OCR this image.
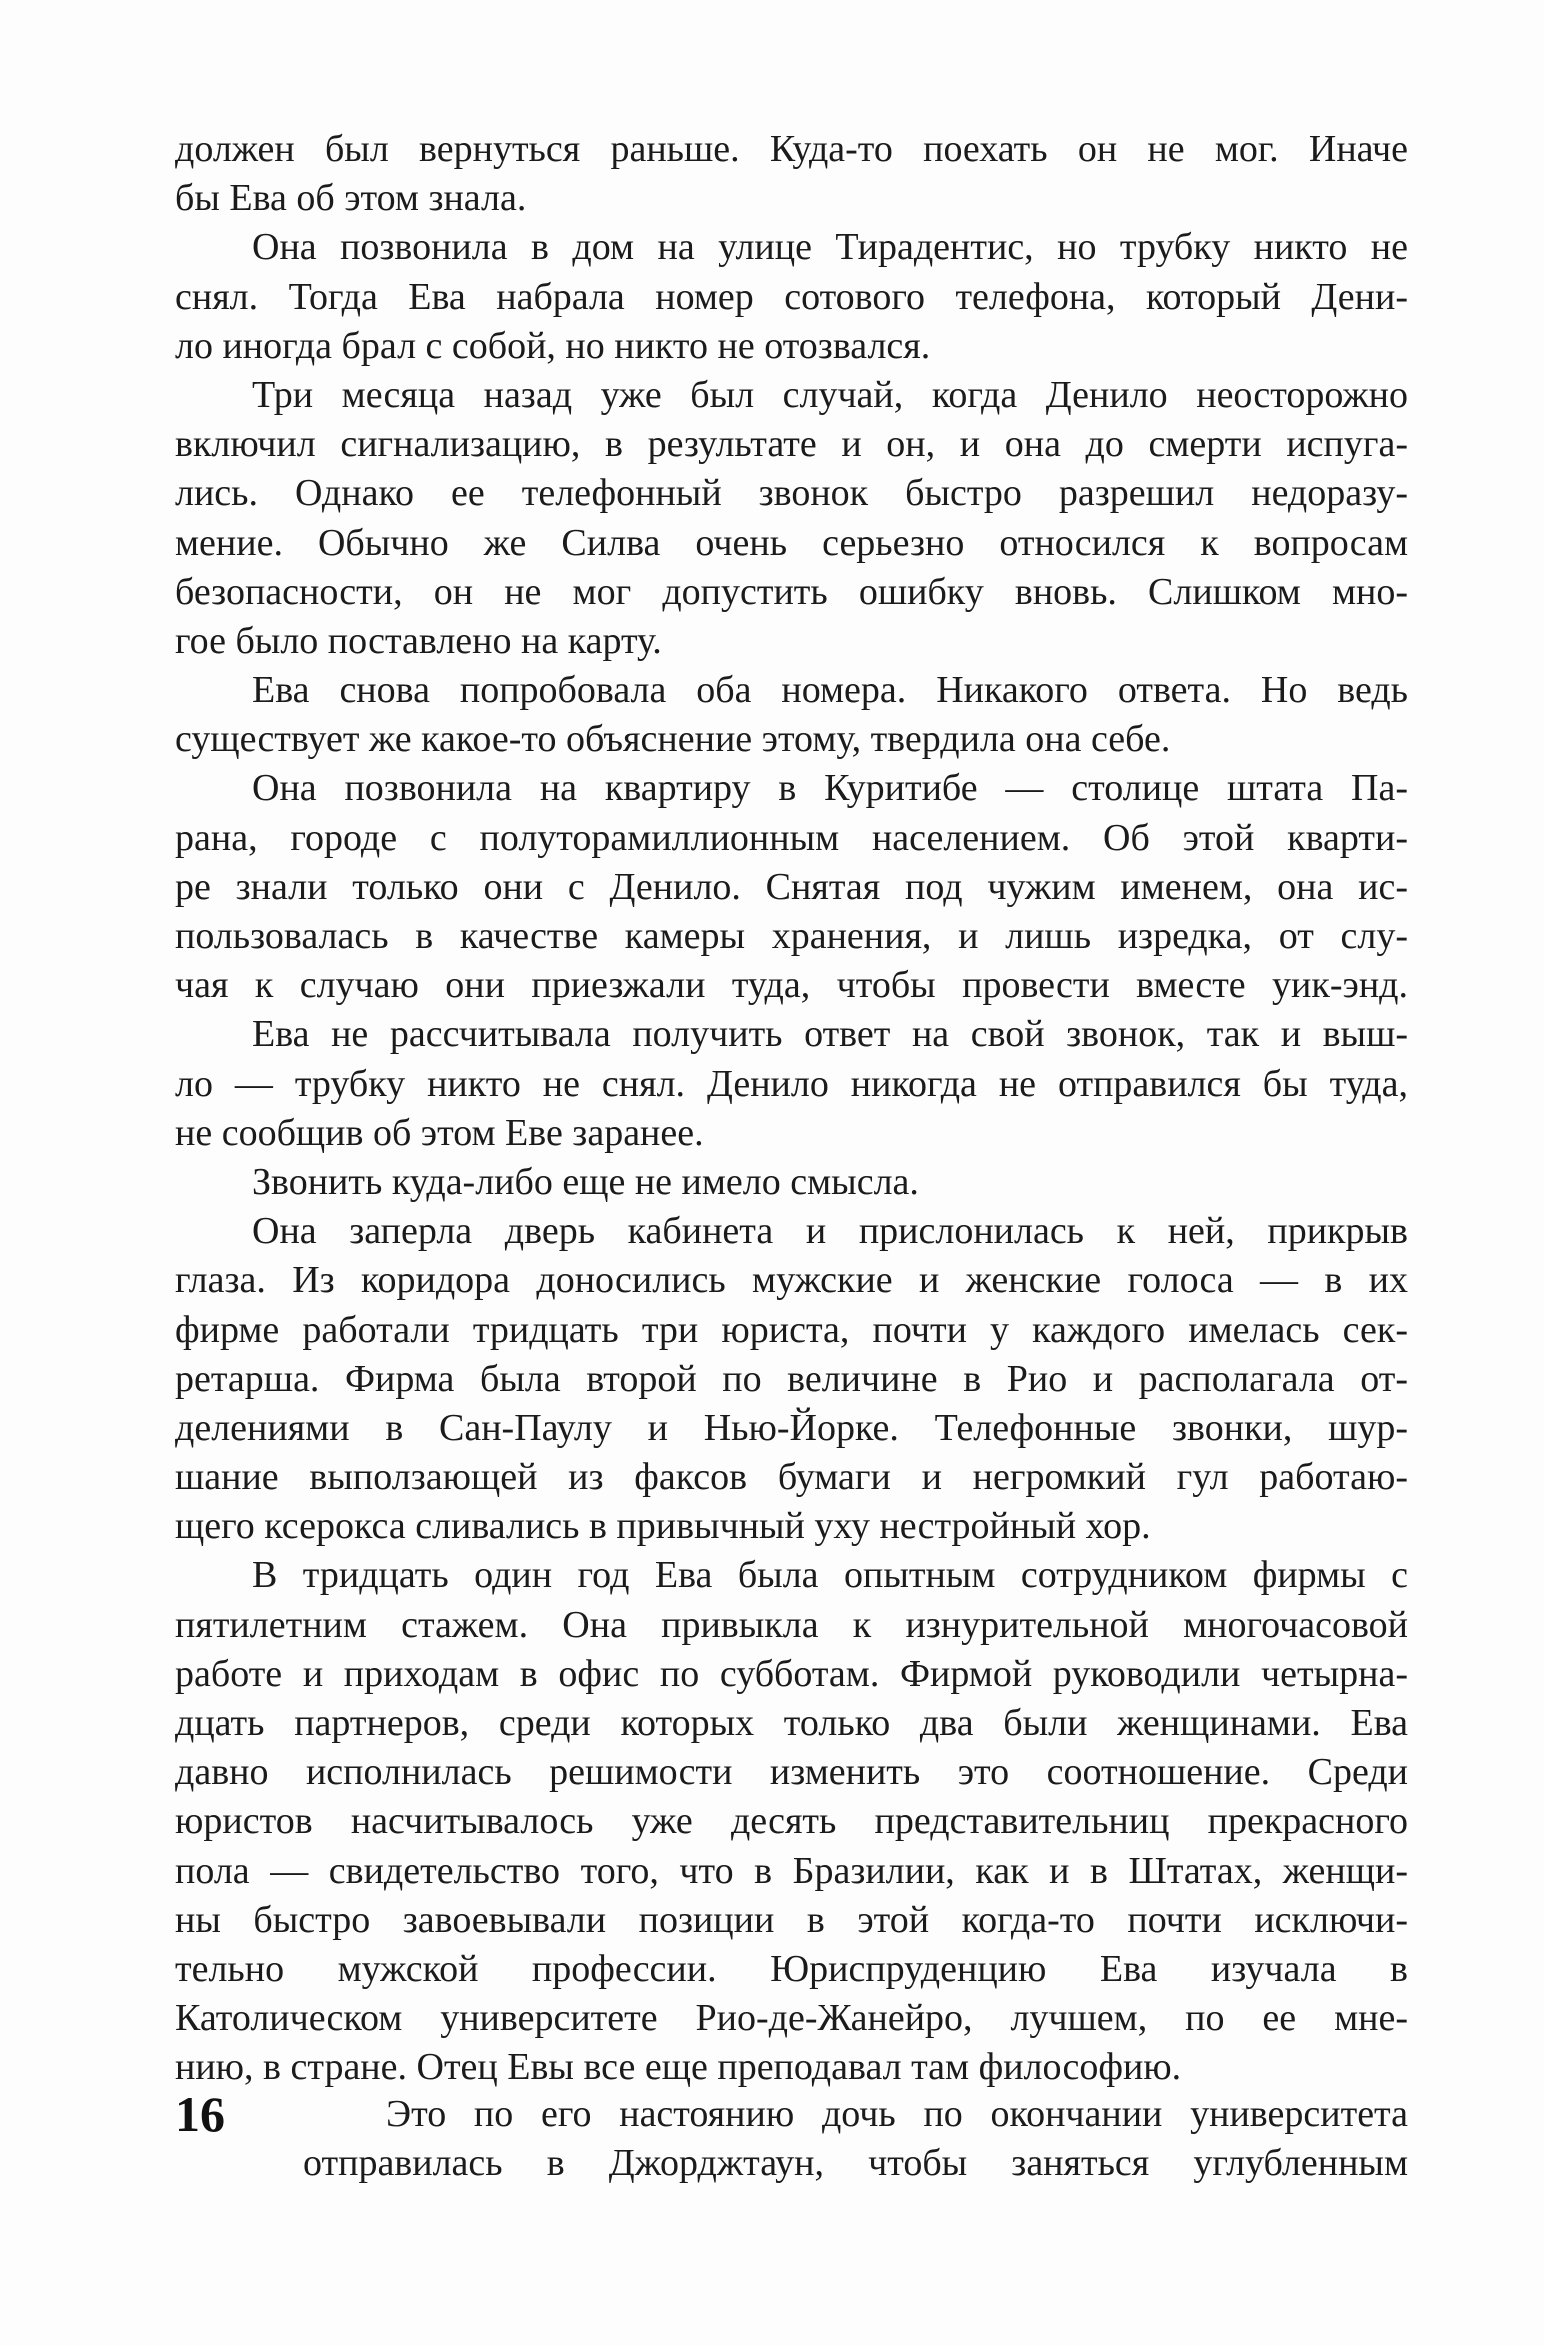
должен был вернуться раньше. Куда-то поехать он не мог. Иначе
бы Ева об этом знала.
Она позвонила в дом на улице Тирадентис, но трубку никто не
снял. Тогда Ева набрала номер сотового телефона, который Дени-
ло иногда брал с собой, но никто не отозвался.
Три месяца назад уже был случай, когда Денило неосторожно
включил сигнализацию, в результате и он, и она до смерти испуга-
лись. Однако ее телефонный звонок быстро разрешил недоразу-
мение. Обычно же Силва очень серьезно относился к вопросам
безопасности, он не мог допустить ошибку вновь. Слишком мно-
гое было поставлено на карту.
Ева снова попробовала оба номера. Никакого ответа. Но ведь
существует же какое-то объяснение этому, твердила она себе.
Она позвонила на квартиру в Куритибе — столице штата Па-
рана, городе с полуторамиллионным населением. Об этой кварти-
ре знали только они с Денило. Снятая под чужим именем, она ис-
пользовалась в качестве камеры хранения, и лишь изредка, от слу-
чая к случаю они приезжали туда, чтобы провести вместе уик-энд.
Ева не рассчитывала получить ответ на свой звонок, так и выш-
ло — трубку никто не снял. Денило никогда не отправился бы туда,
не сообщив об этом Еве заранее.
Звонить куда-либо еще не имело смысла.
Она заперла дверь кабинета и прислонилась к ней, прикрыв
глаза. Из коридора доносились мужские и женские голоса — в их
фирме работали тридцать три юриста, почти у каждого имелась сек-
ретарша. Фирма была второй по величине в Рио и располагала от-
делениями в Сан-Паулу и Нью-Йорке. Телефонные звонки, шур-
шание выползающей из факсов бумаги и негромкий гул работаю-
щего ксерокса сливались в привычный уху нестройный хор.
В тридцать один год Ева была опытным сотрудником фирмы с
пятилетним стажем. Она привыкла к изнурительной многочасовой
работе и приходам в офис по субботам. Фирмой руководили четырна-
дцать партнеров, среди которых только два были женщинами. Ева
давно исполнилась решимости изменить это соотношение. Среди
юристов насчитывалось уже десять представительниц прекрасного
пола — свидетельство того, что в Бразилии, как и в Штатах, женщи-
ны быстро завоевывали позиции в этой когда-то почти исключи-
тельно мужской профессии. Юриспруденцию Ева изучала в
Католическом университете Рио-де-Жанейро, лучшем, по ее мне-
нию, в стране. Отец Евы все еще преподавал там философию.
Это по его настоянию дочь по окончании университета
отправилась в Джорджтаун, чтобы заняться углубленным
16
